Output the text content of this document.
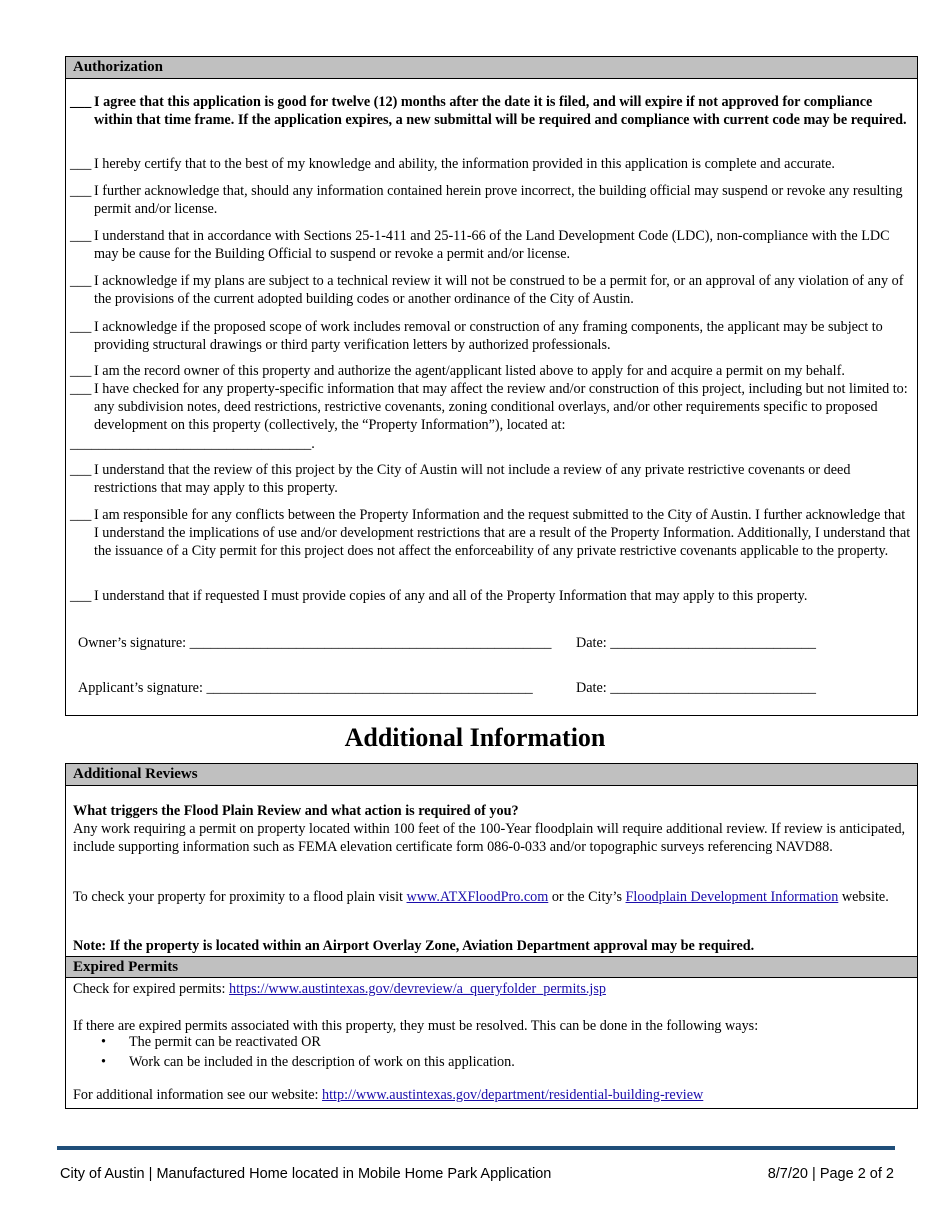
Authorization
___ I agree that this application is good for twelve (12) months after the date it is filed, and will expire if not approved for compliance within that time frame. If the application expires, a new submittal will be required and compliance with current code may be required.
___ I hereby certify that to the best of my knowledge and ability, the information provided in this application is complete and accurate.
___ I further acknowledge that, should any information contained herein prove incorrect, the building official may suspend or revoke any resulting permit and/or license.
___ I understand that in accordance with Sections 25-1-411 and 25-11-66 of the Land Development Code (LDC), non-compliance with the LDC may be cause for the Building Official to suspend or revoke a permit and/or license.
___ I acknowledge if my plans are subject to a technical review it will not be construed to be a permit for, or an approval of any violation of any of the provisions of the current adopted building codes or another ordinance of the City of Austin.
___ I acknowledge if the proposed scope of work includes removal or construction of any framing components, the applicant may be subject to providing structural drawings or third party verification letters by authorized professionals.
___ I am the record owner of this property and authorize the agent/applicant listed above to apply for and acquire a permit on my behalf.
___ I have checked for any property-specific information that may affect the review and/or construction of this project, including but not limited to: any subdivision notes, deed restrictions, restrictive covenants, zoning conditional overlays, and/or other requirements specific to proposed development on this property (collectively, the “Property Information”), located at:
__________________________________.
___ I understand that the review of this project by the City of Austin will not include a review of any private restrictive covenants or deed restrictions that may apply to this property.
___ I am responsible for any conflicts between the Property Information and the request submitted to the City of Austin. I further acknowledge that I understand the implications of use and/or development restrictions that are a result of the Property Information. Additionally, I understand that the issuance of a City permit for this project does not affect the enforceability of any private restrictive covenants applicable to the property.
___ I understand that if requested I must provide copies of any and all of the Property Information that may apply to this property.
Owner’s signature: ___________________________________________________ Date: _____________________________
Applicant’s signature: ______________________________________________	Date: _____________________________
Additional Information
Additional Reviews
What triggers the Flood Plain Review and what action is required of you?
Any work requiring a permit on property located within 100 feet of the 100-Year floodplain will require additional review. If review is anticipated, include supporting information such as FEMA elevation certificate form 086-0-033 and/or topographic surveys referencing NAVD88.
To check your property for proximity to a flood plain visit www.ATXFloodPro.com or the City’s Floodplain Development Information website.
Note: If the property is located within an Airport Overlay Zone, Aviation Department approval may be required.
Expired Permits
Check for expired permits: https://www.austintexas.gov/devreview/a_queryfolder_permits.jsp
If there are expired permits associated with this property, they must be resolved. This can be done in the following ways:
• The permit can be reactivated OR
• Work can be included in the description of work on this application.
For additional information see our website: http://www.austintexas.gov/department/residential-building-review
City of Austin | Manufactured Home located in Mobile Home Park Application	8/7/20 | Page 2 of 2
